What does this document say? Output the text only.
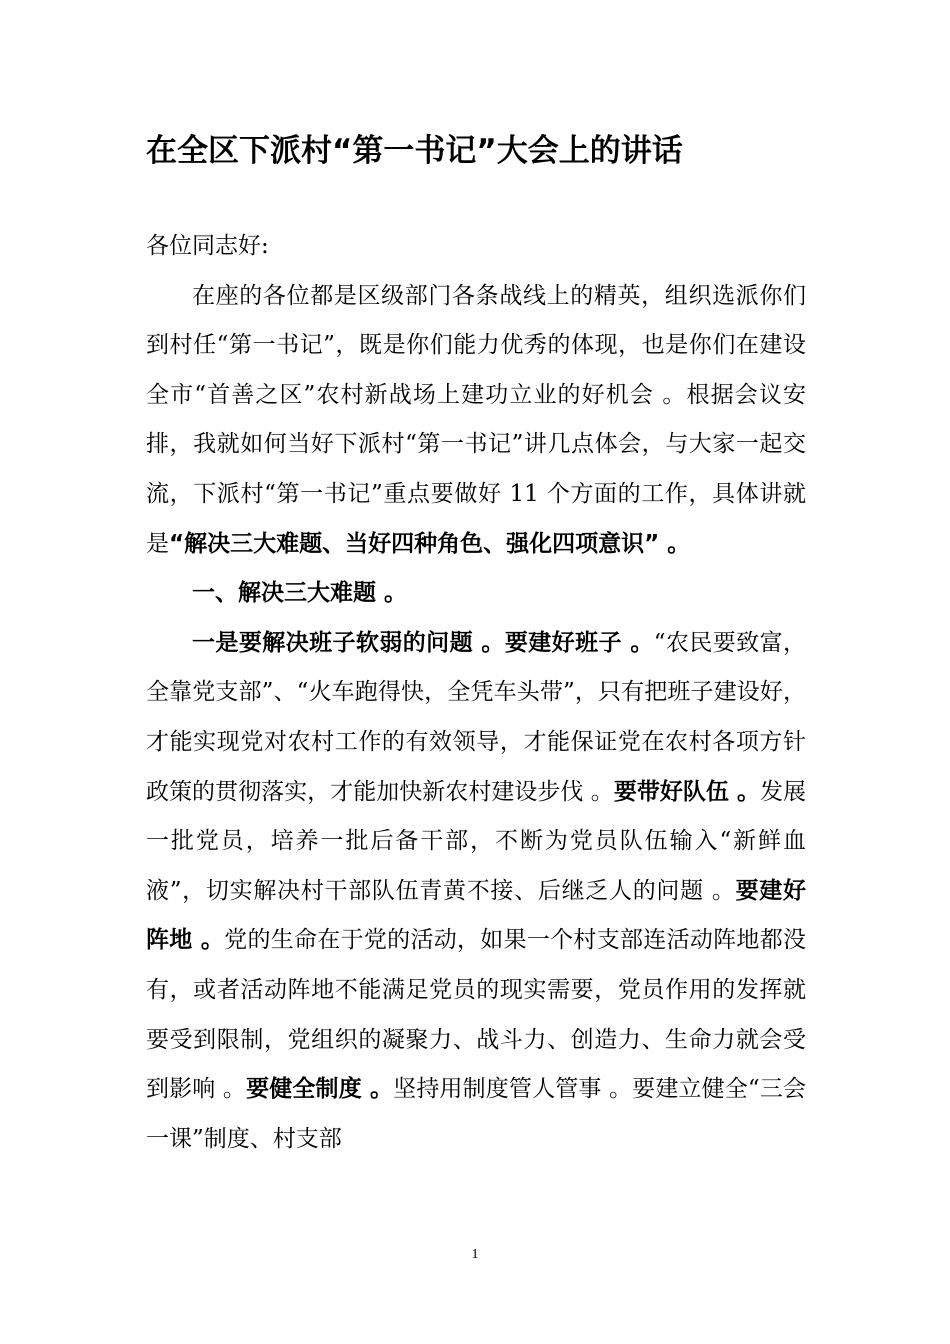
在全区下派村“第一书记”大会上的讲话

各位同志好:

在座的各位都是区级部门各条战线上的精英，组织选派你们到村任“第一书记”，既是你们能力优秀的体现，也是你们在建设全市“首善之区”农村新战场上建功立业的好机会 。根据会议安排，我就如何当好下派村“第一书记”讲几点体会，与大家一起交流，下派村“第一书记”重点要做好 11 个方面的工作，具体讲就是“解决三大难题、当好四种角色、强化四项意识” 。

一、解决三大难题 。

一是要解决班子软弱的问题 。要建好班子 。“农民要致富，全靠党支部”、“火车跑得快，全凭车头带”，只有把班子建设好，才能实现党对农村工作的有效领导，才能保证党在农村各项方针政策的贯彻落实，才能加快新农村建设步伐 。要带好队伍 。发展一批党员，培养一批后备干部，不断为党员队伍输入“新鲜血液”，切实解决村干部队伍青黄不接、后继乏人的问题 。要建好阵地 。党的生命在于党的活动，如果一个村支部连活动阵地都没有，或者活动阵地不能满足党员的现实需要，党员作用的发挥就要受到限制，党组织的凝聚力、战斗力、创造力、生命力就会受到影响 。要健全制度 。坚持用制度管人管事 。要建立健全“三会一课”制度、村支部

1
